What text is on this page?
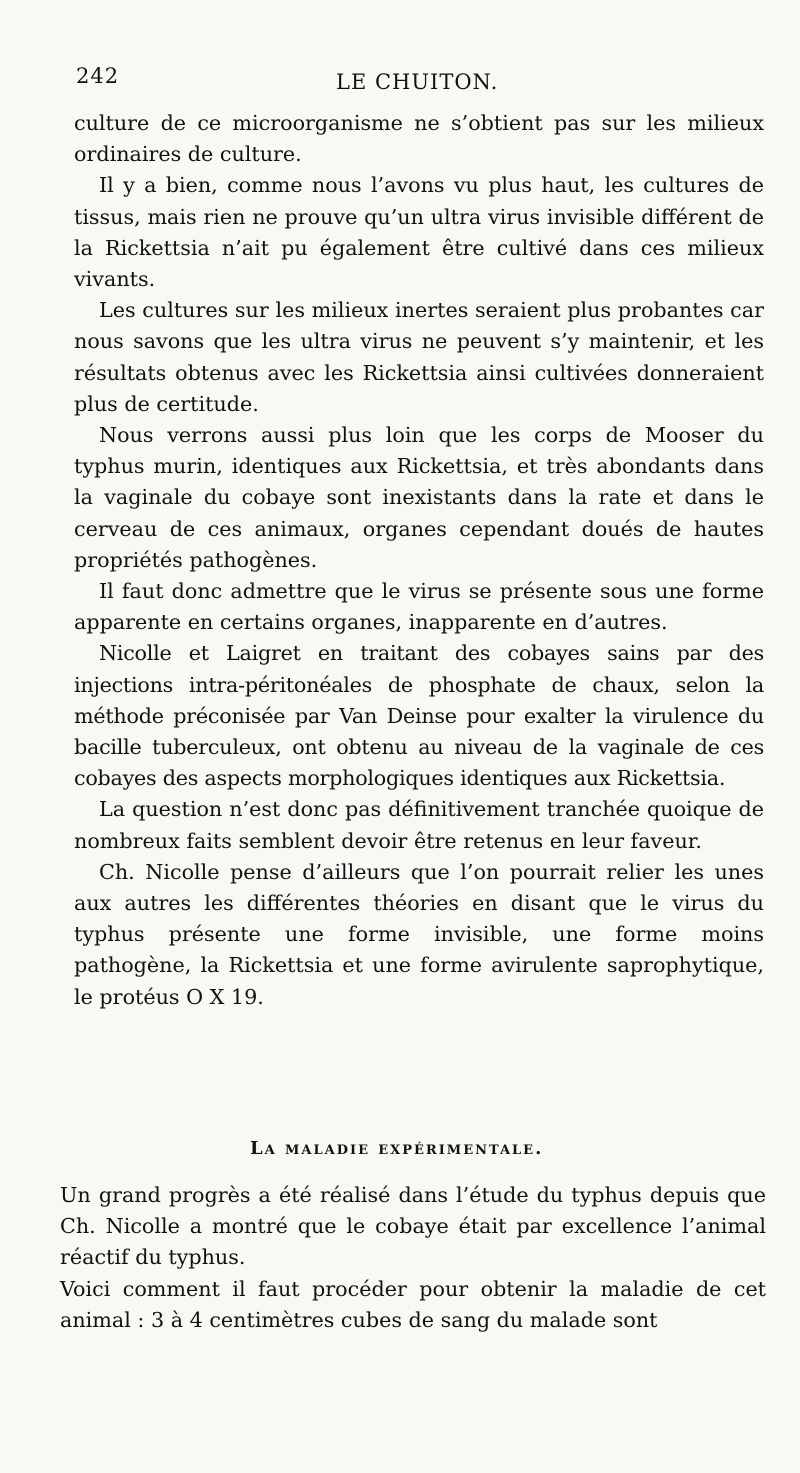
242	LE CHUITON.

culture de ce microorganisme ne s’obtient pas sur les milieux ordinaires de culture.

Il y a bien, comme nous l’avons vu plus haut, les cultures de tissus, mais rien ne prouve qu’un ultra virus invisible différent de la Rickettsia n’ait pu également être cultivé dans ces milieux vivants.

Les cultures sur les milieux inertes seraient plus probantes car nous savons que les ultra virus ne peuvent s’y maintenir, et les résultats obtenus avec les Rickettsia ainsi cultivées donneraient plus de certitude.

Nous verrons aussi plus loin que les corps de Mooser du typhus murin, identiques aux Rickettsia, et très abondants dans la vaginale du cobaye sont inexistants dans la rate et dans le cerveau de ces animaux, organes cependant doués de hautes propriétés pathogènes.

Il faut donc admettre que le virus se présente sous une forme apparente en certains organes, inapparente en d’autres.

Nicolle et Laigret en traitant des cobayes sains par des injections intra-péritonéales de phosphate de chaux, selon la méthode préconisée par Van Deinse pour exalter la virulence du bacille tuberculeux, ont obtenu au niveau de la vaginale de ces cobayes des aspects morphologiques identiques aux Rickettsia.

La question n’est donc pas définitivement tranchée quoique de nombreux faits semblent devoir être retenus en leur faveur.

Ch. Nicolle pense d’ailleurs que l’on pourrait relier les unes aux autres les différentes théories en disant que le virus du typhus présente une forme invisible, une forme moins pathogène, la Rickettsia et une forme avirulente saprophytique, le protéus O X 19.

La maladie expérimentale.

Un grand progrès a été réalisé dans l’étude du typhus depuis que Ch. Nicolle a montré que le cobaye était par excellence l’animal réactif du typhus.

Voici comment il faut procéder pour obtenir la maladie de cet animal : 3 à 4 centimètres cubes de sang du malade sont
